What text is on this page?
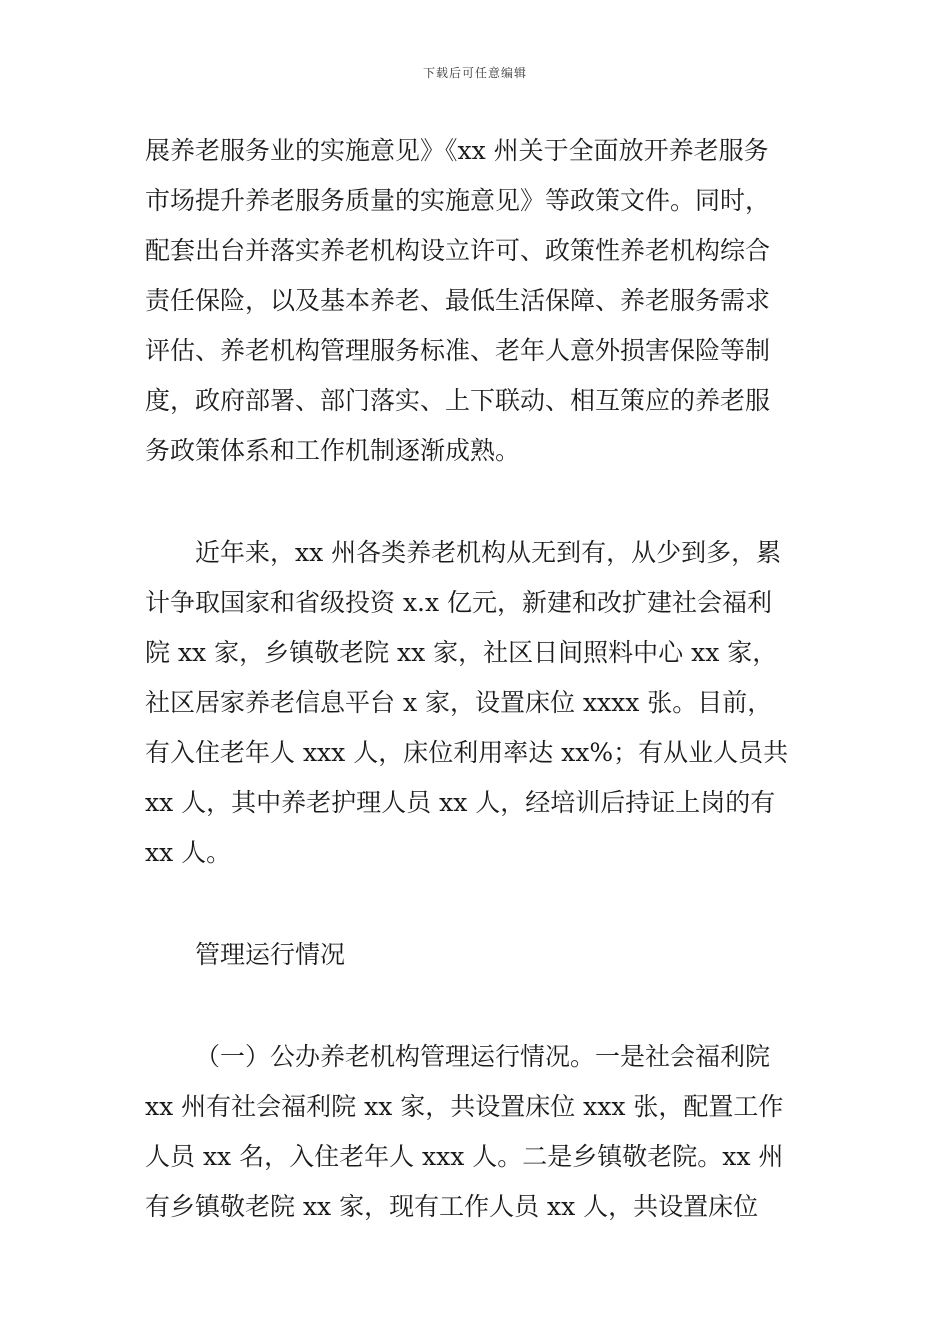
下载后可任意编辑
展养老服务业的实施意见》《xx 州关于全面放开养老服务
市场提升养老服务质量的实施意见》等政策文件。同时，
配套出台并落实养老机构设立许可、政策性养老机构综合
责任保险，以及基本养老、最低生活保障、养老服务需求
评估、养老机构管理服务标准、老年人意外损害保险等制
度，政府部署、部门落实、上下联动、相互策应的养老服
务政策体系和工作机制逐渐成熟。
近年来，xx 州各类养老机构从无到有，从少到多，累
计争取国家和省级投资 x.x 亿元，新建和改扩建社会福利
院 xx 家，乡镇敬老院 xx 家，社区日间照料中心 xx 家，
社区居家养老信息平台 x 家，设置床位 xxxx 张。目前，
有入住老年人 xxx 人，床位利用率达 xx%；有从业人员共
xx 人，其中养老护理人员 xx 人，经培训后持证上岗的有
xx 人。
管理运行情况
（一）公办养老机构管理运行情况。一是社会福利院
xx 州有社会福利院 xx 家，共设置床位 xxx 张，配置工作
人员 xx 名，入住老年人 xxx 人。二是乡镇敬老院。xx 州
有乡镇敬老院 xx 家，现有工作人员 xx 人，共设置床位
